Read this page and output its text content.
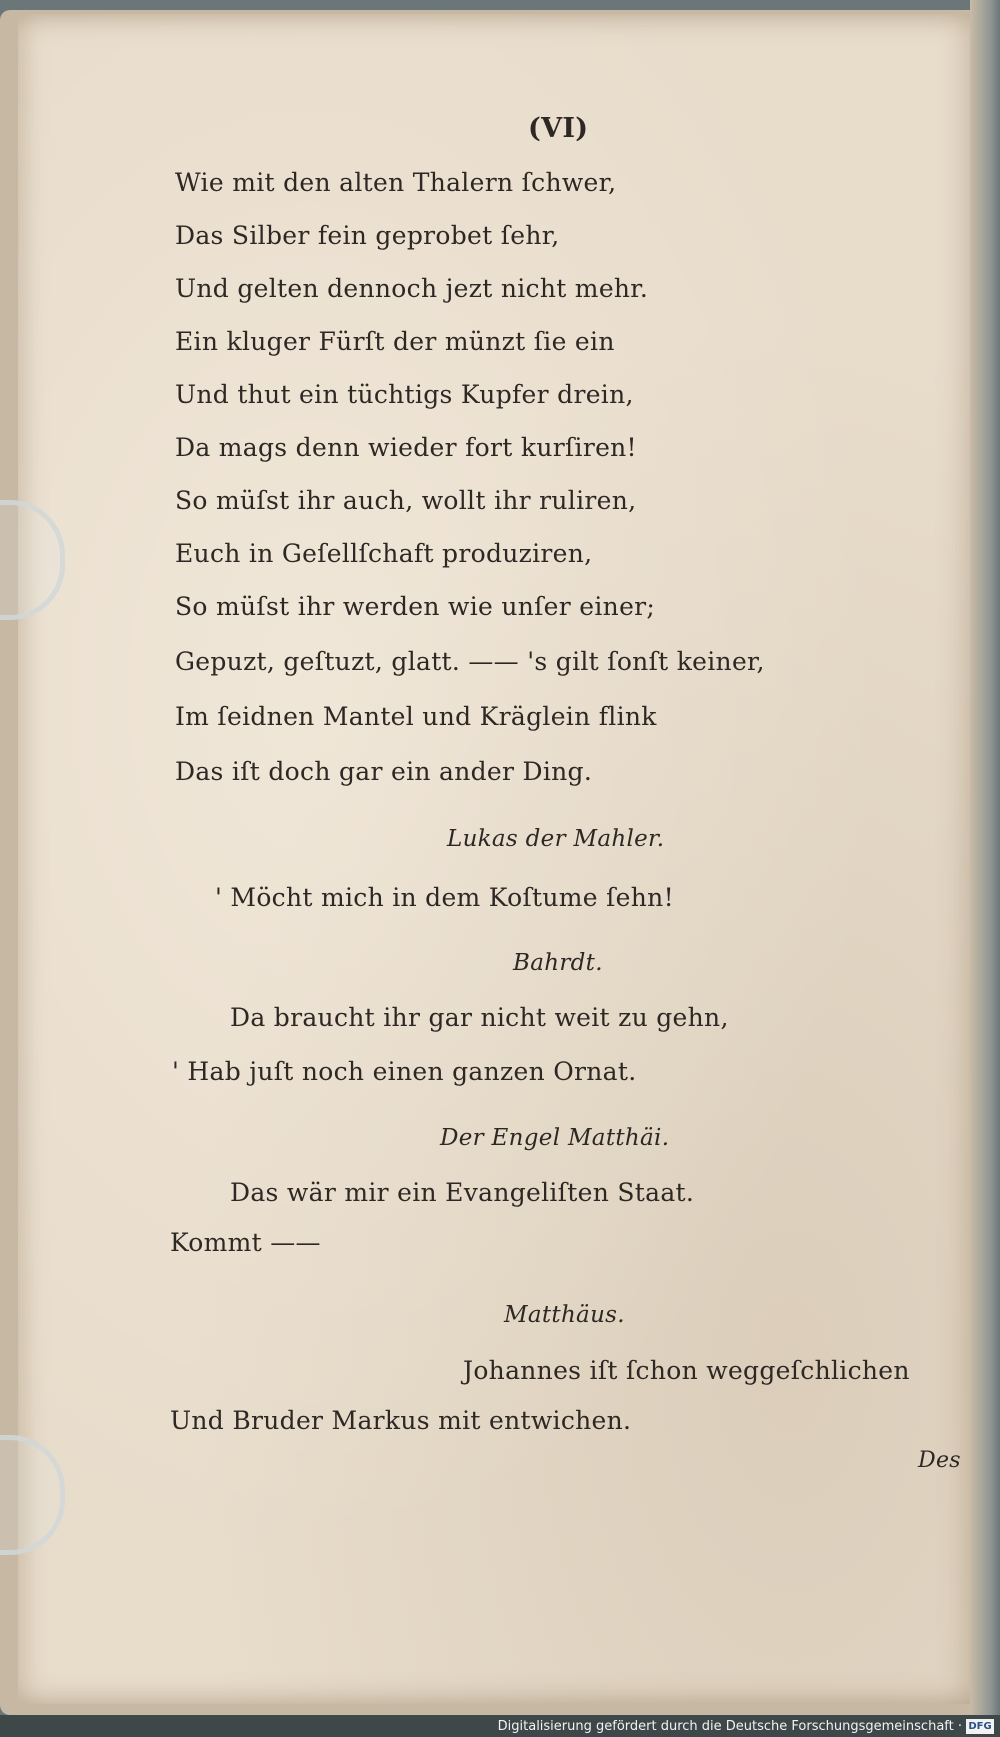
(VI)
Wie mit den alten Thalern ſchwer,
Das Silber fein geprobet ſehr,
Und gelten dennoch jezt nicht mehr.
Ein kluger Fürſt der münzt ſie ein
Und thut ein tüchtigs Kupfer drein,
Da mags denn wieder fort kurſiren!
So müſst ihr auch, wollt ihr ruliren,
Euch in Geſellſchaft produziren,
So müſst ihr werden wie unſer einer;
Gepuzt, geſtuzt, glatt. —— 's gilt ſonſt keiner,
Im ſeidnen Mantel und Kräglein flink
Das iſt doch gar ein ander Ding.
Lukas der Mahler.
' Möcht mich in dem Koſtume ſehn!
Bahrdt.
Da braucht ihr gar nicht weit zu gehn,
' Hab juſt noch einen ganzen Ornat.
Der Engel Matthäi.
Das wär mir ein Evangeliſten Staat.
Kommt ——
Matthäus.
Johannes iſt ſchon weggeſchlichen
Und Bruder Markus mit entwichen.
Des
Digitalisierung gefördert durch die Deutsche Forschungsgemeinschaft · DFG
